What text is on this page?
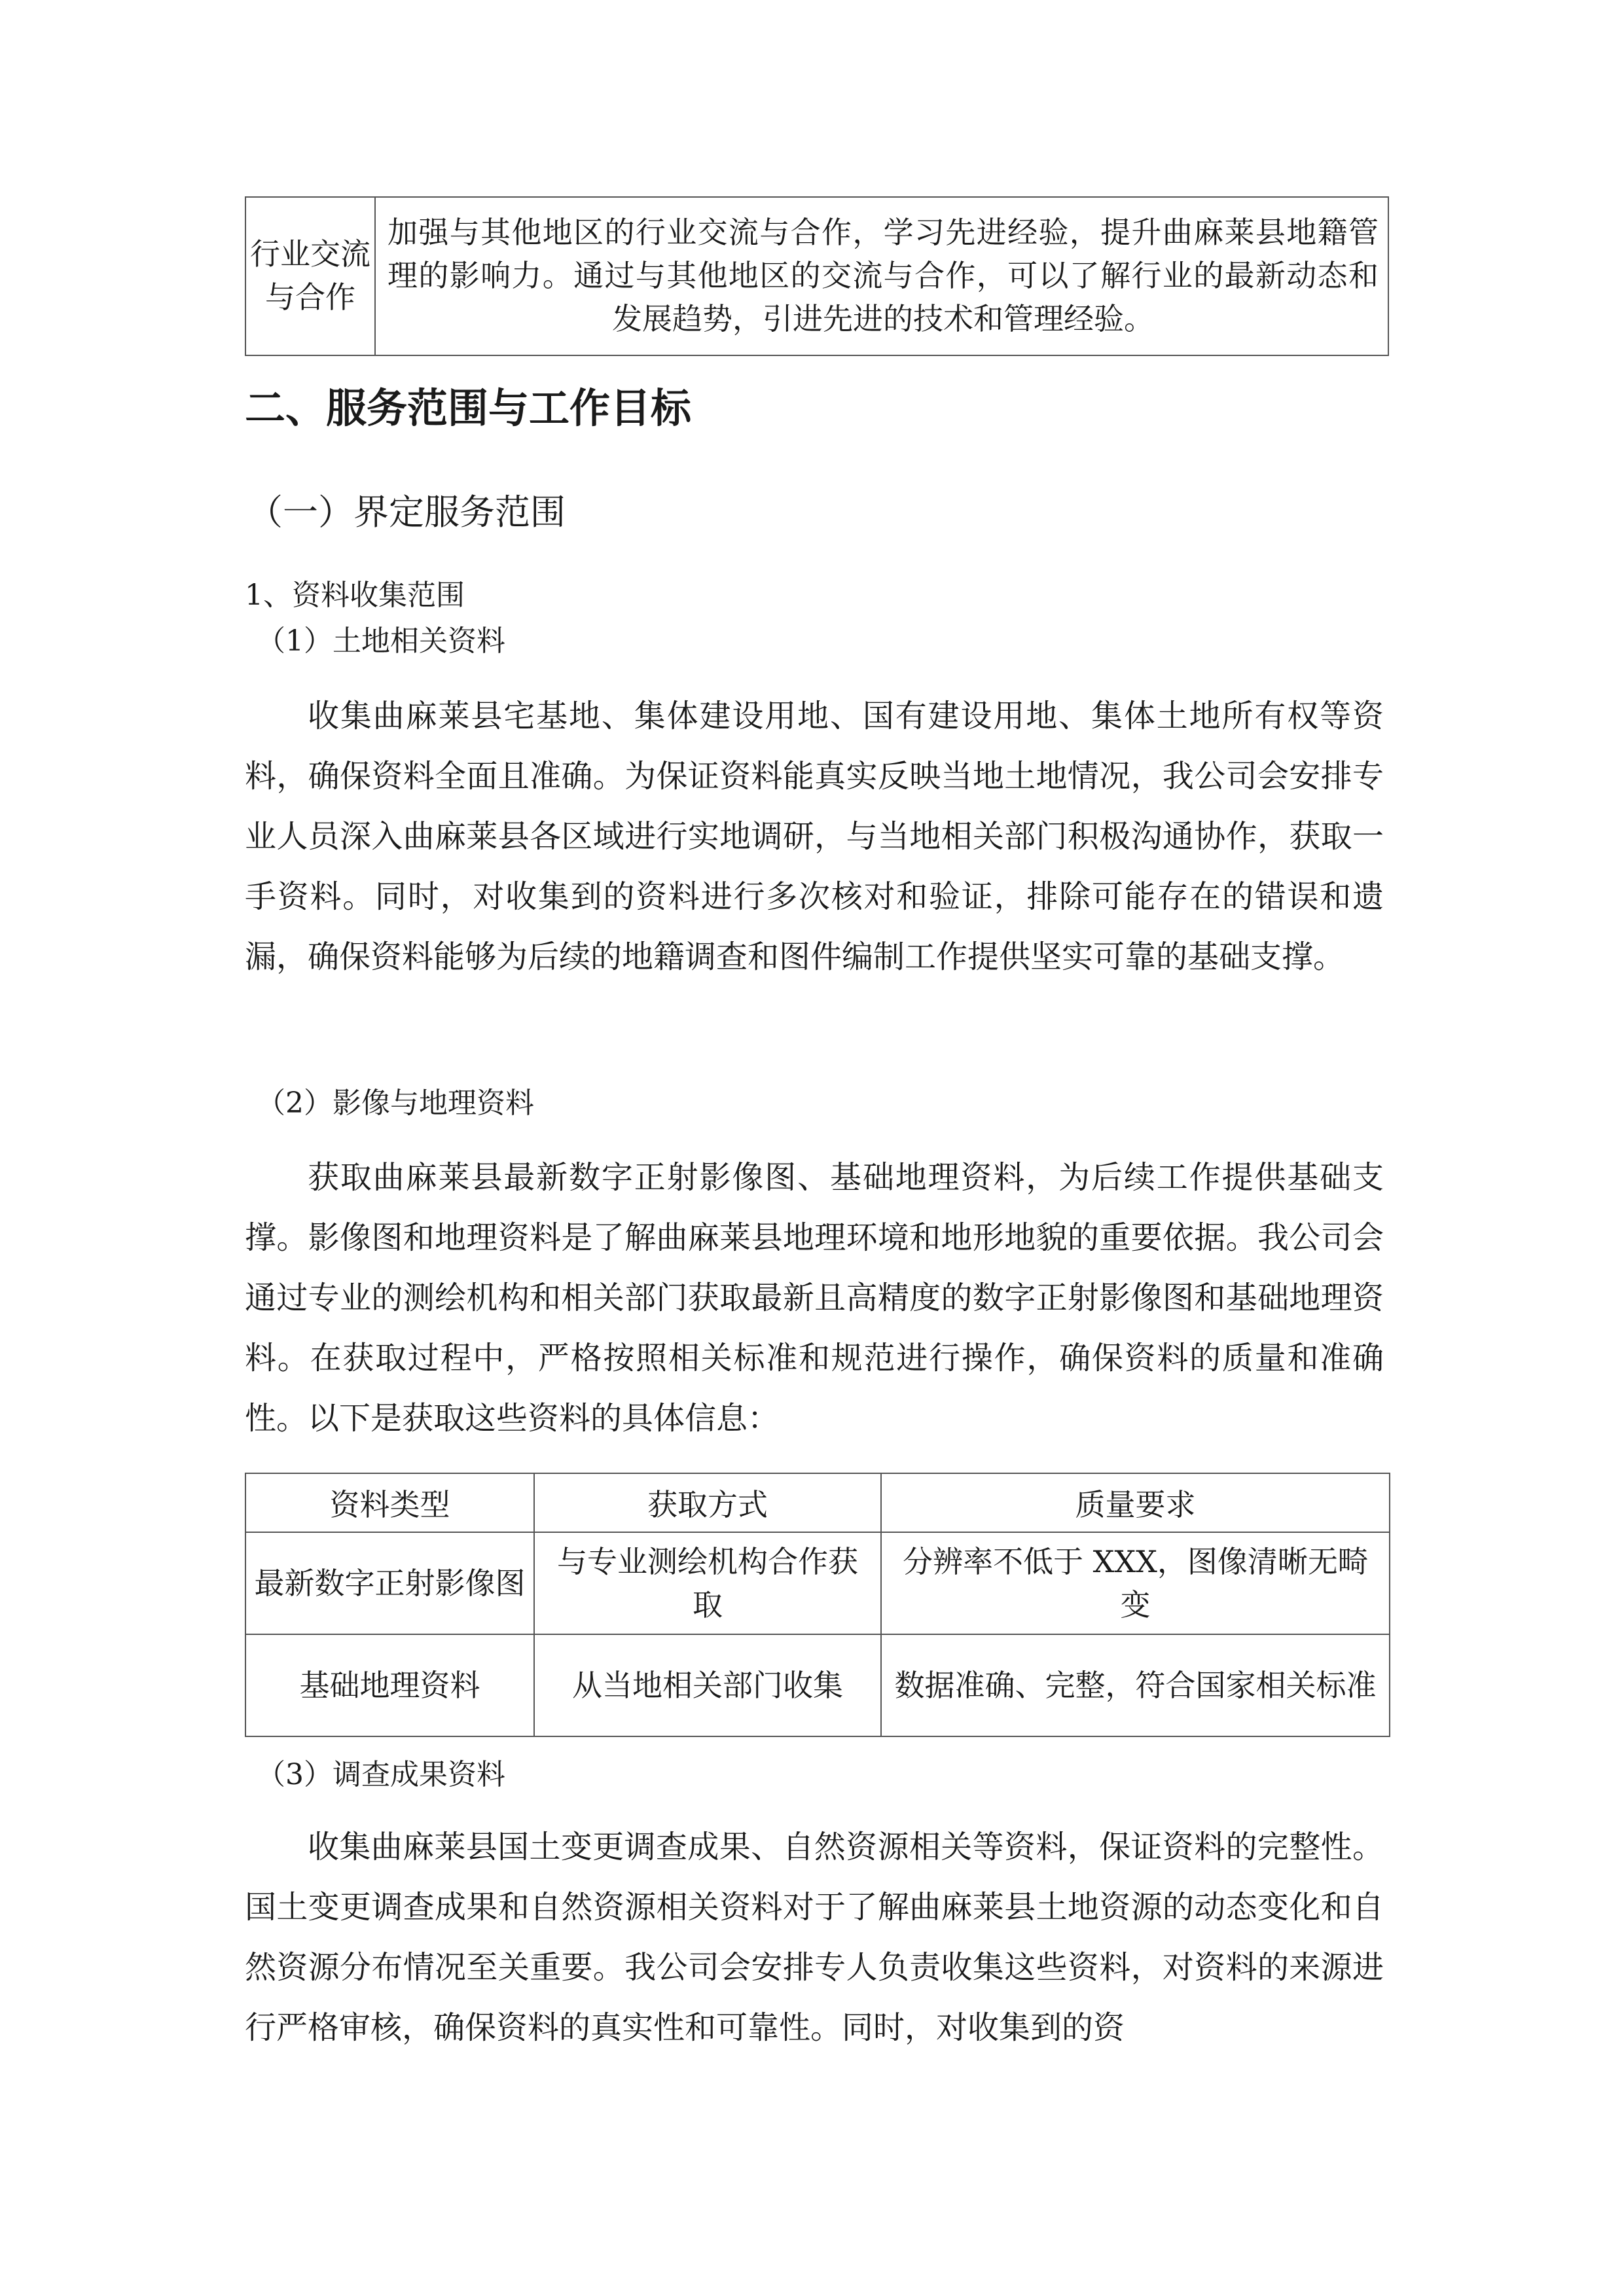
行业交流与合作	加强与其他地区的行业交流与合作，学习先进经验，提升曲麻莱县地籍管理的影响力。通过与其他地区的交流与合作，可以了解行业的最新动态和发展趋势，引进先进的技术和管理经验。
二、服务范围与工作目标
（一）界定服务范围
1、资料收集范围
（1）土地相关资料

收集曲麻莱县宅基地、集体建设用地、国有建设用地、集体土地所有权等资料，确保资料全面且准确。为保证资料能真实反映当地土地情况，我公司会安排专业人员深入曲麻莱县各区域进行实地调研，与当地相关部门积极沟通协作，获取一手资料。同时，对收集到的资料进行多次核对和验证，排除可能存在的错误和遗漏，确保资料能够为后续的地籍调查和图件编制工作提供坚实可靠的基础支撑。

（2）影像与地理资料

获取曲麻莱县最新数字正射影像图、基础地理资料，为后续工作提供基础支撑。影像图和地理资料是了解曲麻莱县地理环境和地形地貌的重要依据。我公司会通过专业的测绘机构和相关部门获取最新且高精度的数字正射影像图和基础地理资料。在获取过程中，严格按照相关标准和规范进行操作，确保资料的质量和准确性。以下是获取这些资料的具体信息：

资料类型	获取方式	质量要求
最新数字正射影像图	与专业测绘机构合作获取	分辨率不低于 XXX，图像清晰无畸变
基础地理资料	从当地相关部门收集	数据准确、完整，符合国家相关标准
（3）调查成果资料

收集曲麻莱县国土变更调查成果、自然资源相关等资料，保证资料的完整性。国土变更调查成果和自然资源相关资料对于了解曲麻莱县土地资源的动态变化和自然资源分布情况至关重要。我公司会安排专人负责收集这些资料，对资料的来源进行严格审核，确保资料的真实性和可靠性。同时，对收集到的资
